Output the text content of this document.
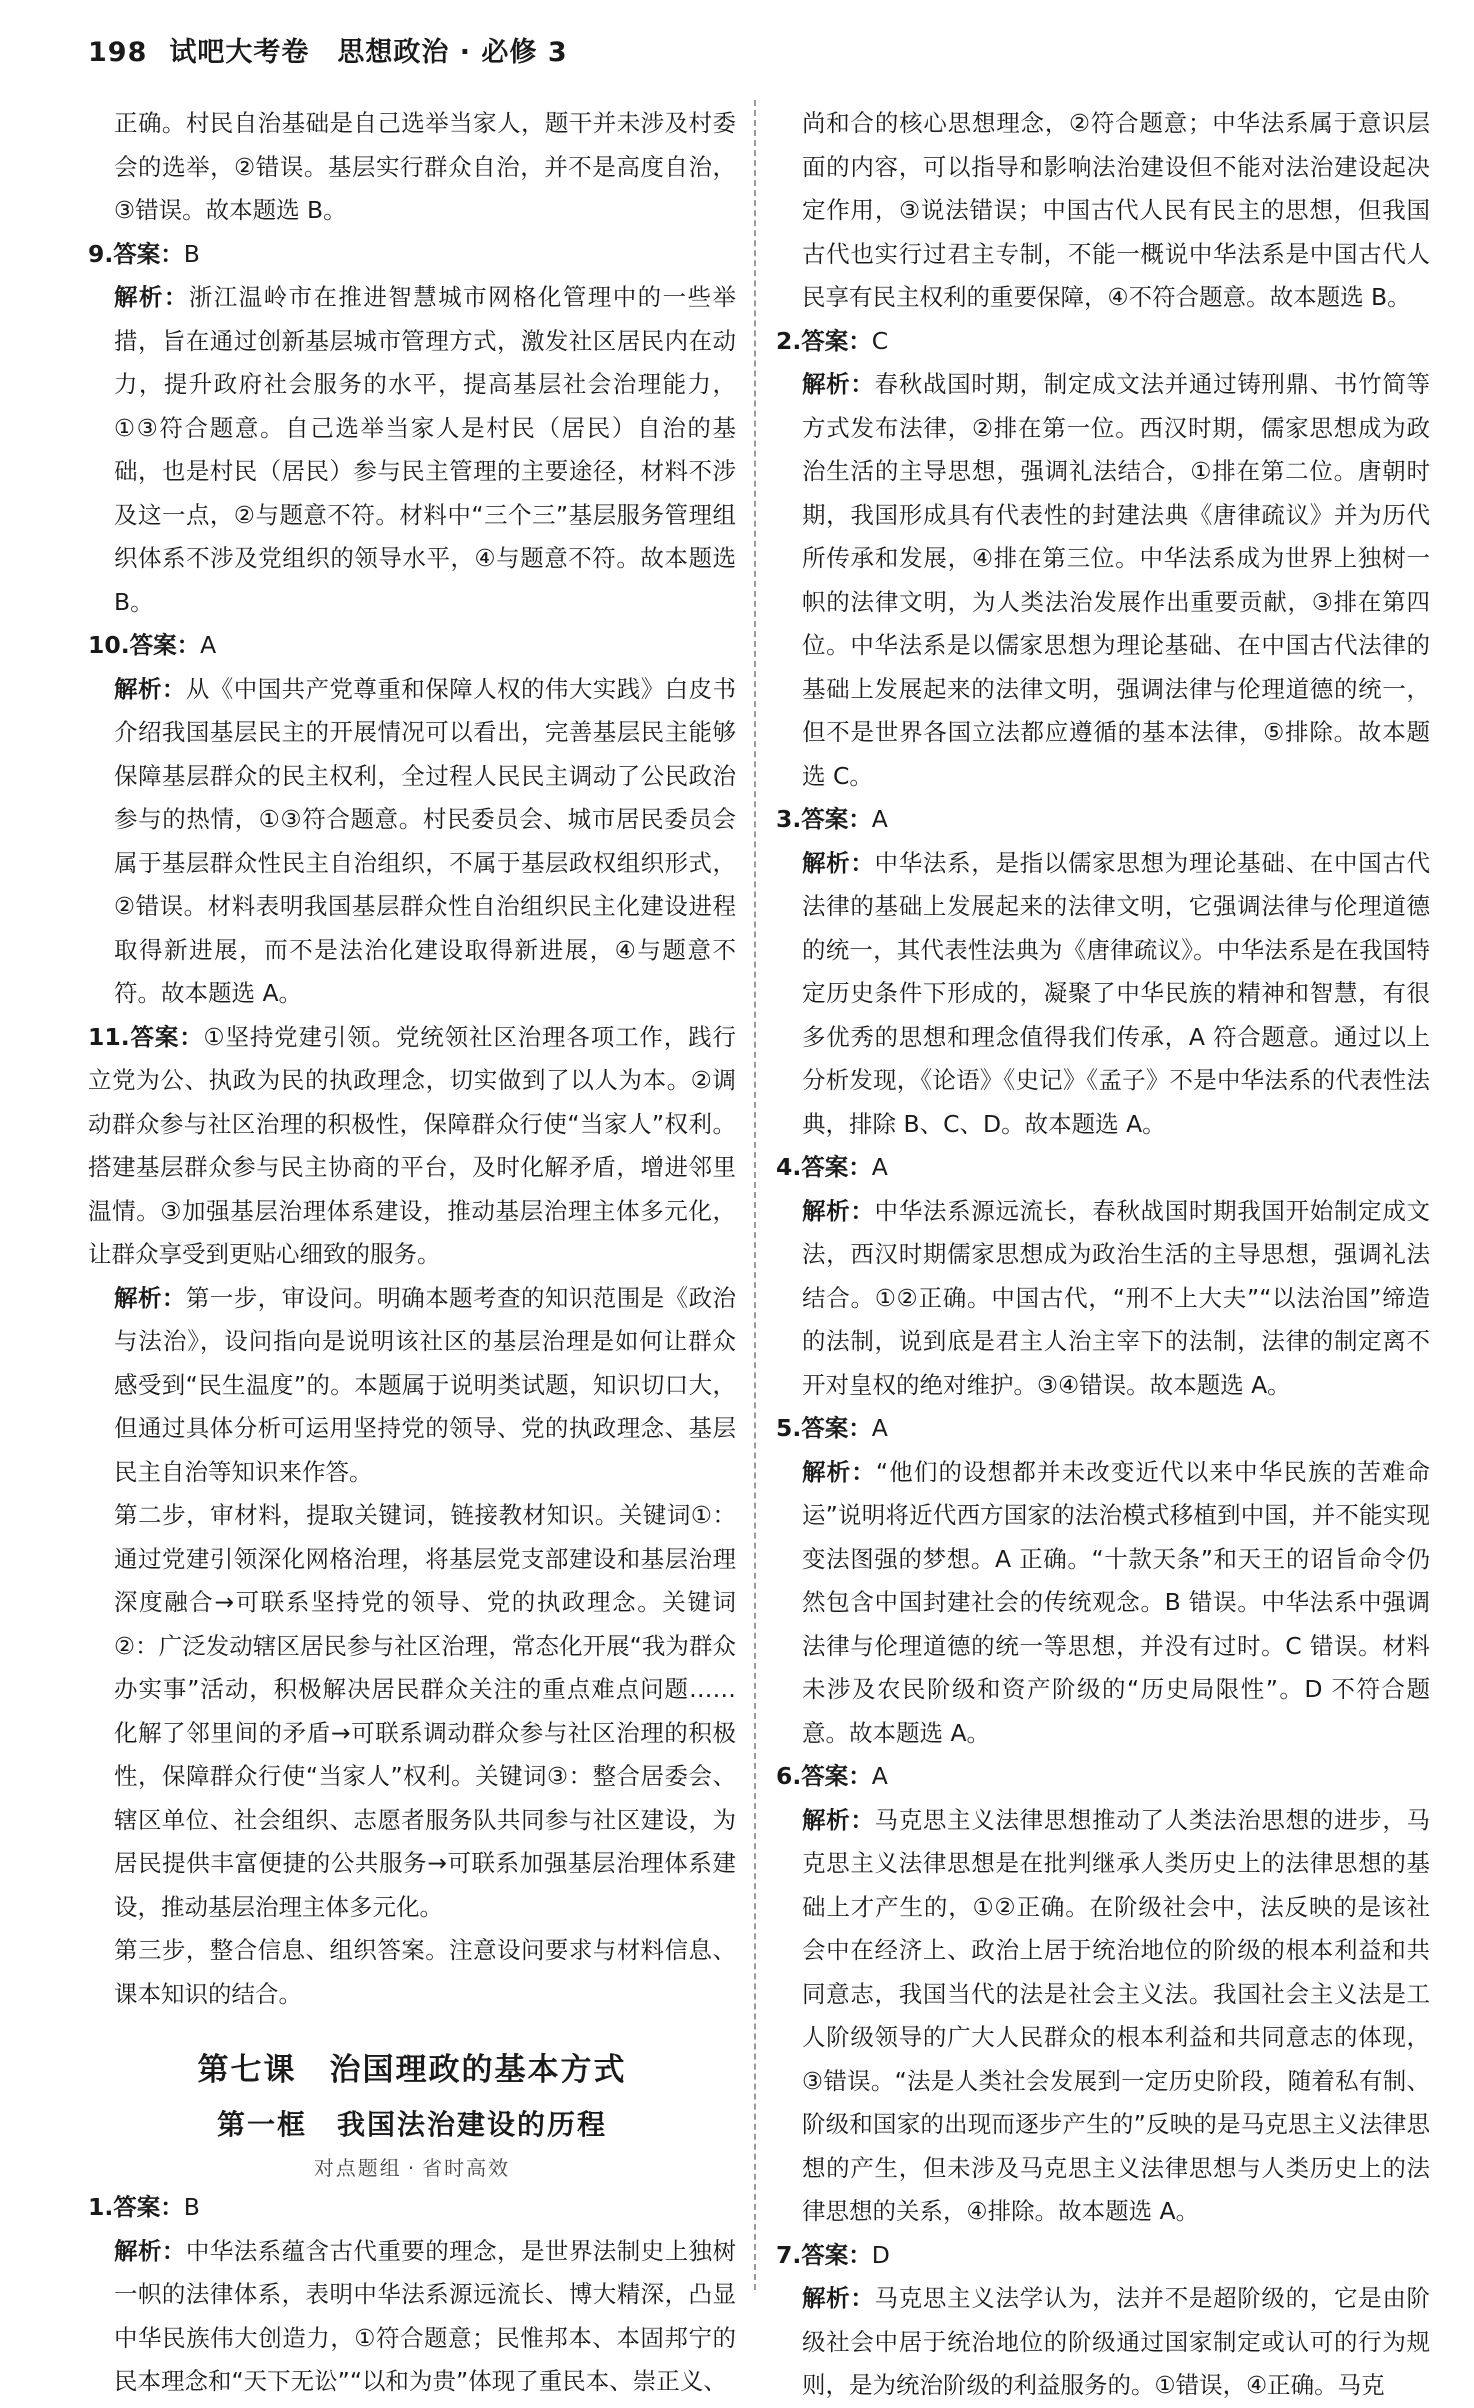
198 试吧大考卷　思想政治 · 必修 3

正确。村民自治基础是自己选举当家人，题干并未涉及村委会的选举，②错误。基层实行群众自治，并不是高度自治，③错误。故本题选 B。

9.答案：B

解析：浙江温岭市在推进智慧城市网格化管理中的一些举措，旨在通过创新基层城市管理方式，激发社区居民内在动力，提升政府社会服务的水平，提高基层社会治理能力，①③符合题意。自己选举当家人是村民（居民）自治的基础，也是村民（居民）参与民主管理的主要途径，材料不涉及这一点，②与题意不符。材料中“三个三”基层服务管理组织体系不涉及党组织的领导水平，④与题意不符。故本题选 B。

10.答案：A

解析：从《中国共产党尊重和保障人权的伟大实践》白皮书介绍我国基层民主的开展情况可以看出，完善基层民主能够保障基层群众的民主权利，全过程人民民主调动了公民政治参与的热情，①③符合题意。村民委员会、城市居民委员会属于基层群众性民主自治组织，不属于基层政权组织形式，②错误。材料表明我国基层群众性自治组织民主化建设进程取得新进展，而不是法治化建设取得新进展，④与题意不符。故本题选 A。

11.答案：①坚持党建引领。党统领社区治理各项工作，践行立党为公、执政为民的执政理念，切实做到了以人为本。②调动群众参与社区治理的积极性，保障群众行使“当家人”权利。搭建基层群众参与民主协商的平台，及时化解矛盾，增进邻里温情。③加强基层治理体系建设，推动基层治理主体多元化，让群众享受到更贴心细致的服务。

解析：第一步，审设问。明确本题考查的知识范围是《政治与法治》，设问指向是说明该社区的基层治理是如何让群众感受到“民生温度”的。本题属于说明类试题，知识切口大，但通过具体分析可运用坚持党的领导、党的执政理念、基层民主自治等知识来作答。

第二步，审材料，提取关键词，链接教材知识。关键词①：通过党建引领深化网格治理，将基层党支部建设和基层治理深度融合→可联系坚持党的领导、党的执政理念。关键词②：广泛发动辖区居民参与社区治理，常态化开展“我为群众办实事”活动，积极解决居民群众关注的重点难点问题……化解了邻里间的矛盾→可联系调动群众参与社区治理的积极性，保障群众行使“当家人”权利。关键词③：整合居委会、辖区单位、社会组织、志愿者服务队共同参与社区建设，为居民提供丰富便捷的公共服务→可联系加强基层治理体系建设，推动基层治理主体多元化。

第三步，整合信息、组织答案。注意设问要求与材料信息、课本知识的结合。

第七课　治国理政的基本方式
第一框　我国法治建设的历程
对点题组 · 省时高效

1.答案：B

解析：中华法系蕴含古代重要的理念，是世界法制史上独树一帜的法律体系，表明中华法系源远流长、博大精深，凸显中华民族伟大创造力，①符合题意；民惟邦本、本固邦宁的民本理念和“天下无讼”“以和为贵”体现了重民本、崇正义、

尚和合的核心思想理念，②符合题意；中华法系属于意识层面的内容，可以指导和影响法治建设但不能对法治建设起决定作用，③说法错误；中国古代人民有民主的思想，但我国古代也实行过君主专制，不能一概说中华法系是中国古代人民享有民主权利的重要保障，④不符合题意。故本题选 B。

2.答案：C

解析：春秋战国时期，制定成文法并通过铸刑鼎、书竹简等方式发布法律，②排在第一位。西汉时期，儒家思想成为政治生活的主导思想，强调礼法结合，①排在第二位。唐朝时期，我国形成具有代表性的封建法典《唐律疏议》并为历代所传承和发展，④排在第三位。中华法系成为世界上独树一帜的法律文明，为人类法治发展作出重要贡献，③排在第四位。中华法系是以儒家思想为理论基础、在中国古代法律的基础上发展起来的法律文明，强调法律与伦理道德的统一，但不是世界各国立法都应遵循的基本法律，⑤排除。故本题选 C。

3.答案：A

解析：中华法系，是指以儒家思想为理论基础、在中国古代法律的基础上发展起来的法律文明，它强调法律与伦理道德的统一，其代表性法典为《唐律疏议》。中华法系是在我国特定历史条件下形成的，凝聚了中华民族的精神和智慧，有很多优秀的思想和理念值得我们传承，A 符合题意。通过以上分析发现，《论语》《史记》《孟子》不是中华法系的代表性法典，排除 B、C、D。故本题选 A。

4.答案：A

解析：中华法系源远流长，春秋战国时期我国开始制定成文法，西汉时期儒家思想成为政治生活的主导思想，强调礼法结合。①②正确。中国古代，“刑不上大夫”“以法治国”缔造的法制，说到底是君主人治主宰下的法制，法律的制定离不开对皇权的绝对维护。③④错误。故本题选 A。

5.答案：A

解析：“他们的设想都并未改变近代以来中华民族的苦难命运”说明将近代西方国家的法治模式移植到中国，并不能实现变法图强的梦想。A 正确。“十款天条”和天王的诏旨命令仍然包含中国封建社会的传统观念。B 错误。中华法系中强调法律与伦理道德的统一等思想，并没有过时。C 错误。材料未涉及农民阶级和资产阶级的“历史局限性”。D 不符合题意。故本题选 A。

6.答案：A

解析：马克思主义法律思想推动了人类法治思想的进步，马克思主义法律思想是在批判继承人类历史上的法律思想的基础上才产生的，①②正确。在阶级社会中，法反映的是该社会中在经济上、政治上居于统治地位的阶级的根本利益和共同意志，我国当代的法是社会主义法。我国社会主义法是工人阶级领导的广大人民群众的根本利益和共同意志的体现，③错误。“法是人类社会发展到一定历史阶段，随着私有制、阶级和国家的出现而逐步产生的”反映的是马克思主义法律思想的产生，但未涉及马克思主义法律思想与人类历史上的法律思想的关系，④排除。故本题选 A。

7.答案：D

解析：马克思主义法学认为，法并不是超阶级的，它是由阶级社会中居于统治地位的阶级通过国家制定或认可的行为规则，是为统治阶级的利益服务的。①错误，④正确。马克
